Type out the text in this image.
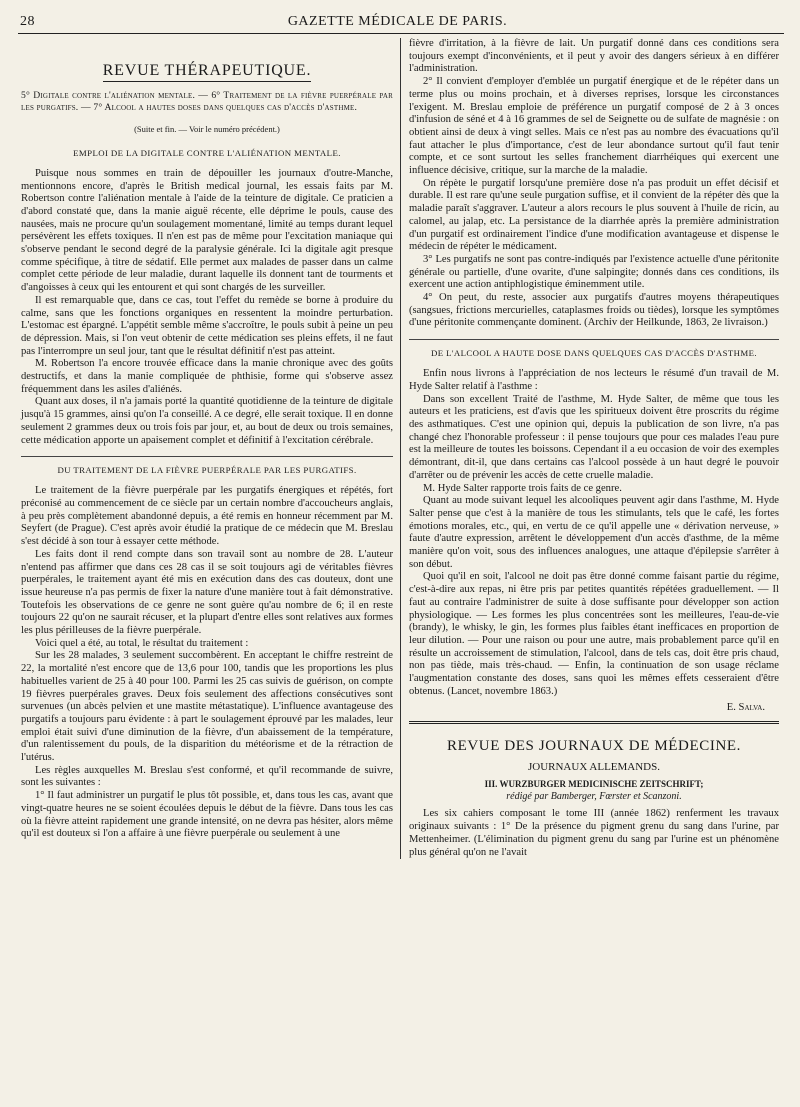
28	GAZETTE MÉDICALE DE PARIS.
REVUE THÉRAPEUTIQUE.
5° Digitale contre l'aliénation mentale. — 6° Traitement de la fièvre puerpérale par les purgatifs. — 7° Alcool a hautes doses dans quelques cas d'accès d'asthme.
(Suite et fin. — Voir le numéro précédent.)
EMPLOI DE LA DIGITALE CONTRE L'ALIÉNATION MENTALE.

Puisque nous sommes en train de dépouiller les journaux d'outre-Manche, mentionnons encore, d'après le British medical journal, les essais faits par M. Robertson contre l'aliénation mentale à l'aide de la teinture de digitale. Ce praticien a d'abord constaté que, dans la manie aiguë récente, elle déprime le pouls, cause des nausées, mais ne procure qu'un soulagement momentané, limité au temps durant lequel persévèrent les effets toxiques. Il n'en est pas de même pour l'excitation maniaque qui s'observe pendant le second degré de la paralysie générale. Ici la digitale agit presque comme spécifique, à titre de sédatif. Elle permet aux malades de passer dans un calme complet cette période de leur maladie, durant laquelle ils donnent tant de tourments et d'angoisses à ceux qui les entourent et qui sont chargés de les surveiller.

Il est remarquable que, dans ce cas, tout l'effet du remède se borne à produire du calme, sans que les fonctions organiques en ressentent la moindre perturbation. L'estomac est épargné. L'appétit semble même s'accroître, le pouls subit à peine un peu de dépression. Mais, si l'on veut obtenir de cette médication ses pleins effets, il ne faut pas l'interrompre un seul jour, tant que le résultat définitif n'est pas atteint.

M. Robertson l'a encore trouvée efficace dans la manie chronique avec des goûts destructifs, et dans la manie compliquée de phthisie, forme qui s'observe assez fréquemment dans les asiles d'aliénés.

Quant aux doses, il n'a jamais porté la quantité quotidienne de la teinture de digitale jusqu'à 15 grammes, ainsi qu'on l'a conseillé. A ce degré, elle serait toxique. Il en donne seulement 2 grammes deux ou trois fois par jour, et, au bout de deux ou trois semaines, cette médication apporte un apaisement complet et définitif à l'excitation cérébrale.

DU TRAITEMENT DE LA FIÈVRE PUERPÉRALE PAR LES PURGATIFS.

Le traitement de la fièvre puerpérale par les purgatifs énergiques et répétés, fort préconisé au commencement de ce siècle par un certain nombre d'accoucheurs anglais, à peu près complètement abandonné depuis, a été remis en honneur récemment par M. Seyfert (de Prague). C'est après avoir étudié la pratique de ce médecin que M. Breslau s'est décidé à son tour à essayer cette méthode.

Les faits dont il rend compte dans son travail sont au nombre de 28. L'auteur n'entend pas affirmer que dans ces 28 cas il se soit toujours agi de véritables fièvres puerpérales, le traitement ayant été mis en exécution dans des cas douteux, dont une issue heureuse n'a pas permis de fixer la nature d'une manière tout à fait démonstrative. Toutefois les observations de ce genre ne sont guère qu'au nombre de 6; il en reste toujours 22 qu'on ne saurait récuser, et la plupart d'entre elles sont relatives aux formes les plus périlleuses de la fièvre puerpérale.

Voici quel a été, au total, le résultat du traitement :

Sur les 28 malades, 3 seulement succombèrent. En acceptant le chiffre restreint de 22, la mortalité n'est encore que de 13,6 pour 100, tandis que les proportions les plus habituelles varient de 25 à 40 pour 100. Parmi les 25 cas suivis de guérison, on compte 19 fièvres puerpérales graves. Deux fois seulement des affections consécutives sont survenues (un abcès pelvien et une mastite métastatique). L'influence avantageuse des purgatifs a toujours paru évidente : à part le soulagement éprouvé par les malades, leur emploi était suivi d'une diminution de la fièvre, d'un abaissement de la température, d'un ralentissement du pouls, de la disparition du météorisme et de la rétraction de l'utérus.

Les règles auxquelles M. Breslau s'est conformé, et qu'il recommande de suivre, sont les suivantes :

1° Il faut administrer un purgatif le plus tôt possible, et, dans tous les cas, avant que vingt-quatre heures ne se soient écoulées depuis le début de la fièvre. Dans tous les cas où la fièvre atteint rapidement une grande intensité, on ne devra pas hésiter, alors même qu'il est douteux si l'on a affaire à une fièvre puerpérale ou seulement à une

fièvre d'irritation, à la fièvre de lait. Un purgatif donné dans ces conditions sera toujours exempt d'inconvénients, et il peut y avoir des dangers sérieux à en différer l'administration.

2° Il convient d'employer d'emblée un purgatif énergique et de le répéter dans un terme plus ou moins prochain, et à diverses reprises, lorsque les circonstances l'exigent. M. Breslau emploie de préférence un purgatif composé de 2 à 3 onces d'infusion de séné et 4 à 16 grammes de sel de Seignette ou de sulfate de magnésie : on obtient ainsi de deux à vingt selles. Mais ce n'est pas au nombre des évacuations qu'il faut attacher le plus d'importance, c'est de leur abondance surtout qu'il faut tenir compte, et ce sont surtout les selles franchement diarrhéiques qui exercent une influence décisive, critique, sur la marche de la maladie.

On répète le purgatif lorsqu'une première dose n'a pas produit un effet décisif et durable. Il est rare qu'une seule purgation suffise, et il convient de la répéter dès que la maladie paraît s'aggraver. L'auteur a alors recours le plus souvent à l'huile de ricin, au calomel, au jalap, etc. La persistance de la diarrhée après la première administration d'un purgatif est ordinairement l'indice d'une modification avantageuse et dispense le médecin de répéter le médicament.

3° Les purgatifs ne sont pas contre-indiqués par l'existence actuelle d'une péritonite générale ou partielle, d'une ovarite, d'une salpingite; donnés dans ces conditions, ils exercent une action antiphlogistique éminemment utile.

4° On peut, du reste, associer aux purgatifs d'autres moyens thérapeutiques (sangsues, frictions mercurielles, cataplasmes froids ou tièdes), lorsque les symptômes d'une péritonite commençante dominent. (Archiv der Heilkunde, 1863, 2e livraison.)

DE L'ALCOOL A HAUTE DOSE DANS QUELQUES CAS D'ACCÈS D'ASTHME.

Enfin nous livrons à l'appréciation de nos lecteurs le résumé d'un travail de M. Hyde Salter relatif à l'asthme :

Dans son excellent Traité de l'asthme, M. Hyde Salter, de même que tous les auteurs et les praticiens, est d'avis que les spiritueux doivent être proscrits du régime des asthmatiques. C'est une opinion qui, depuis la publication de son livre, n'a pas changé chez l'honorable professeur : il pense toujours que pour ces malades l'eau pure est la meilleure de toutes les boissons. Cependant il a eu occasion de voir des exemples démontrant, dit-il, que dans certains cas l'alcool possède à un haut degré le pouvoir d'arrêter ou de prévenir les accès de cette cruelle maladie.

M. Hyde Salter rapporte trois faits de ce genre.

Quant au mode suivant lequel les alcooliques peuvent agir dans l'asthme, M. Hyde Salter pense que c'est à la manière de tous les stimulants, tels que le café, les fortes émotions morales, etc., qui, en vertu de ce qu'il appelle une « dérivation nerveuse, » faute d'autre expression, arrêtent le développement d'un accès d'asthme, de la même manière qu'on voit, sous des influences analogues, une attaque d'épilepsie s'arrêter à son début.

Quoi qu'il en soit, l'alcool ne doit pas être donné comme faisant partie du régime, c'est-à-dire aux repas, ni être pris par petites quantités répétées graduellement. — Il faut au contraire l'administrer de suite à dose suffisante pour développer son action physiologique. — Les formes les plus concentrées sont les meilleures, l'eau-de-vie (brandy), le whisky, le gin, les formes plus faibles étant inefficaces en proportion de leur dilution. — Pour une raison ou pour une autre, mais probablement parce qu'il en résulte un accroissement de stimulation, l'alcool, dans de tels cas, doit être pris chaud, non pas tiède, mais très-chaud. — Enfin, la continuation de son usage réclame l'augmentation constante des doses, sans quoi les mêmes effets cesseraient d'être obtenus. (Lancet, novembre 1863.)

E. Salva.
REVUE DES JOURNAUX DE MÉDECINE.
JOURNAUX ALLEMANDS.
III. WURZBURGER MEDICINISCHE ZEITSCHRIFT;
rédigé par Bamberger, Fœrster et Scanzoni.

Les six cahiers composant le tome III (année 1862) renferment les travaux originaux suivants : 1° De la présence du pigment grenu du sang dans l'urine, par Mettenheimer. (L'élimination du pigment grenu du sang par l'urine est un phénomène plus général qu'on ne l'avait
